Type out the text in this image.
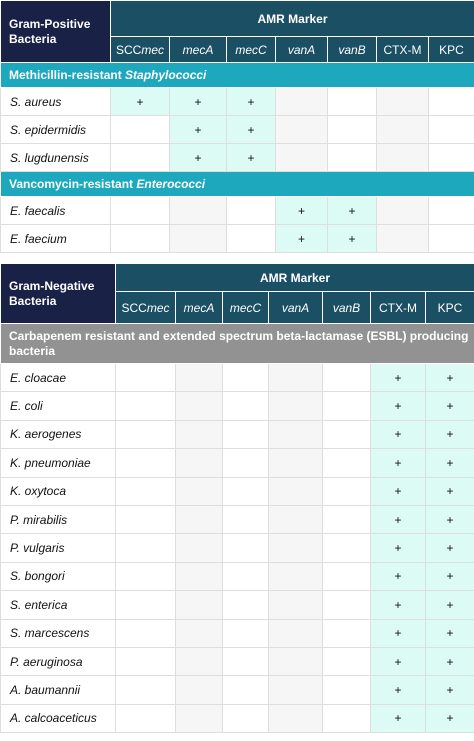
Gram-Positive
Bacteria	AMR Marker						
	SCCmec	mecA	mecC	vanA	vanB	CTX-M	KPC
Methicillin-resistant Staphylococci							
S. aureus	+	+	+				
S. epidermidis		+	+				
S. lugdunensis		+	+				
Vancomycin-resistant Enterococci							
E. faecalis				+	+		
E. faecium				+	+		
Gram-Negative
Bacteria	AMR Marker						
	SCCmec	mecA	mecC	vanA	vanB	CTX-M	KPC
Carbapenem resistant and extended spectrum beta-lactamase (ESBL) producing bacteria							
E. cloacae						+	+
E. coli						+	+
K. aerogenes						+	+
K. pneumoniae						+	+
K. oxytoca						+	+
P. mirabilis						+	+
P. vulgaris						+	+
S. bongori						+	+
S. enterica						+	+
S. marcescens						+	+
P. aeruginosa						+	+
A. baumannii						+	+
A. calcoaceticus						+	+
